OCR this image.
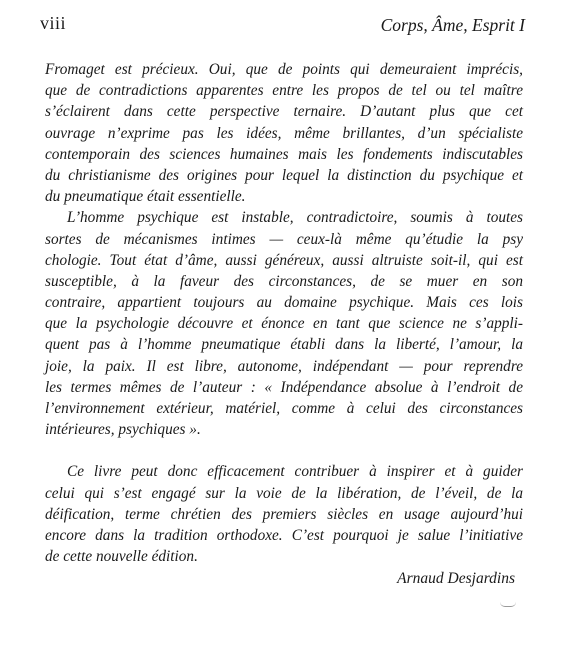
viii	Corps, Âme, Esprit I
Fromaget est précieux. Oui, que de points qui demeuraient imprécis,
que de contradictions apparentes entre les propos de tel ou tel maître
s’éclairent dans cette perspective ternaire. D’autant plus que cet
ouvrage n’exprime pas les idées, même brillantes, d’un spécialiste
contemporain des sciences humaines mais les fondements indiscutables
du christianisme des origines pour lequel la distinction du psychique et
du pneumatique était essentielle.
L’homme psychique est instable, contradictoire, soumis à toutes
sortes de mécanismes intimes — ceux-là même qu’étudie la psy
chologie. Tout état d’âme, aussi généreux, aussi altruiste soit-il, qui est
susceptible, à la faveur des circonstances, de se muer en son
contraire, appartient toujours au domaine psychique. Mais ces lois
que la psychologie découvre et énonce en tant que science ne s’appli-
quent pas à l’homme pneumatique établi dans la liberté, l’amour, la
joie, la paix. Il est libre, autonome, indépendant — pour reprendre
les termes mêmes de l’auteur : « Indépendance absolue à l’endroit de
l’environnement extérieur, matériel, comme à celui des circonstances
intérieures, psychiques ».
Ce livre peut donc efficacement contribuer à inspirer et à guider
celui qui s’est engagé sur la voie de la libération, de l’éveil, de la
déification, terme chrétien des premiers siècles en usage aujourd’hui
encore dans la tradition orthodoxe. C’est pourquoi je salue l’initiative
de cette nouvelle édition.
Arnaud Desjardins
